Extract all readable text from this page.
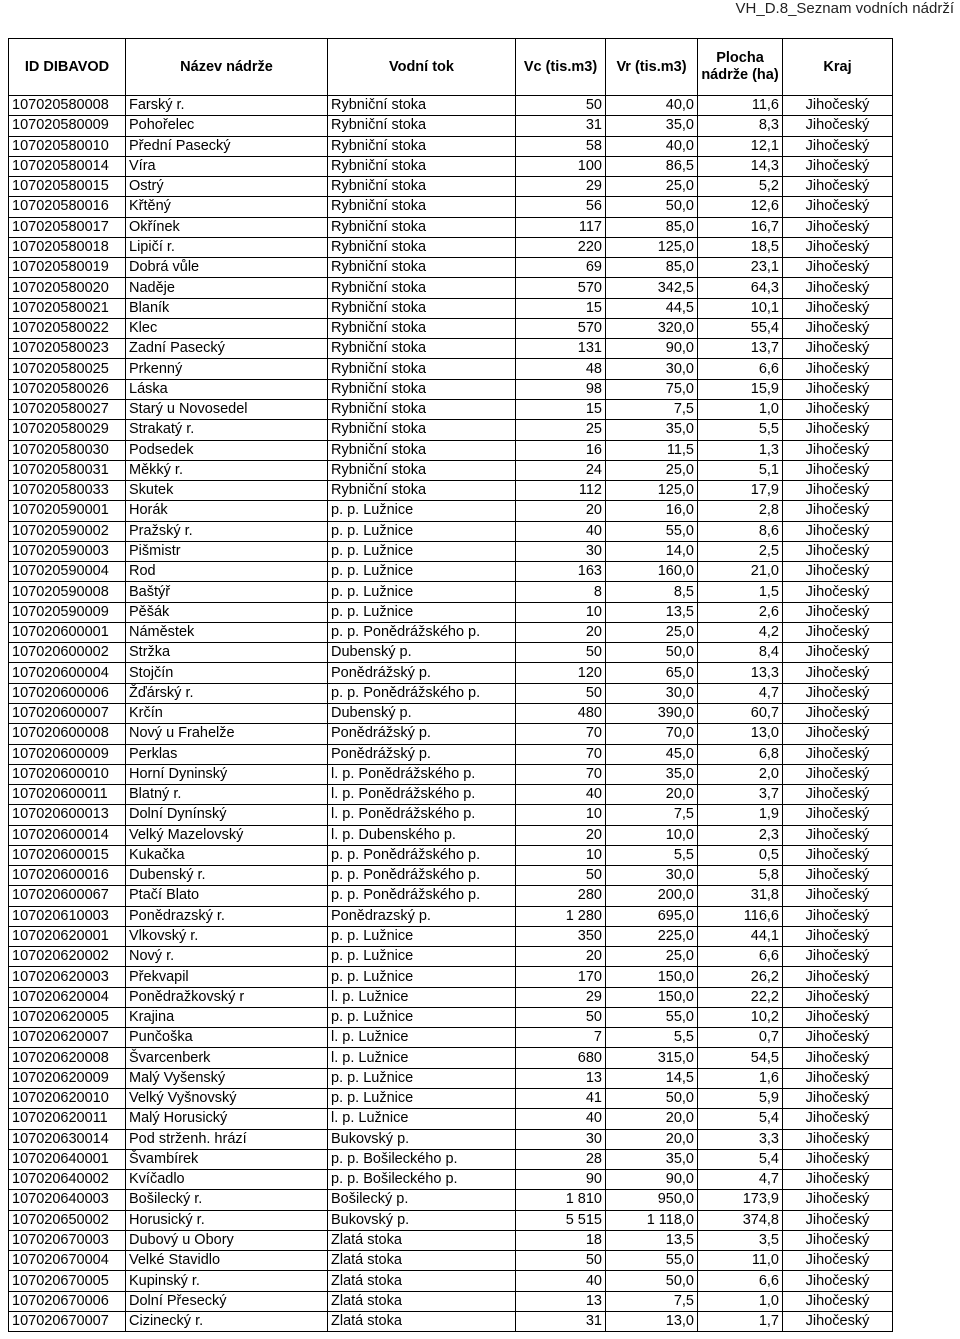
VH_D.8_Seznam vodních nádrží
ID DIBAVOD	Název nádrže	Vodní tok	Vc (tis.m3)	Vr (tis.m3)	Plocha nádrže (ha)	Kraj
107020580008	Farský r.	Rybniční stoka	50	40,0	11,6	Jihočeský
107020580009	Pohořelec	Rybniční stoka	31	35,0	8,3	Jihočeský
107020580010	Přední Pasecký	Rybniční stoka	58	40,0	12,1	Jihočeský
107020580014	Víra	Rybniční stoka	100	86,5	14,3	Jihočeský
107020580015	Ostrý	Rybniční stoka	29	25,0	5,2	Jihočeský
107020580016	Křtěný	Rybniční stoka	56	50,0	12,6	Jihočeský
107020580017	Okřínek	Rybniční stoka	117	85,0	16,7	Jihočeský
107020580018	Lipičí r.	Rybniční stoka	220	125,0	18,5	Jihočeský
107020580019	Dobrá vůle	Rybniční stoka	69	85,0	23,1	Jihočeský
107020580020	Naděje	Rybniční stoka	570	342,5	64,3	Jihočeský
107020580021	Blaník	Rybniční stoka	15	44,5	10,1	Jihočeský
107020580022	Klec	Rybniční stoka	570	320,0	55,4	Jihočeský
107020580023	Zadní Pasecký	Rybniční stoka	131	90,0	13,7	Jihočeský
107020580025	Prkenný	Rybniční stoka	48	30,0	6,6	Jihočeský
107020580026	Láska	Rybniční stoka	98	75,0	15,9	Jihočeský
107020580027	Starý u Novosedel	Rybniční stoka	15	7,5	1,0	Jihočeský
107020580029	Strakatý r.	Rybniční stoka	25	35,0	5,5	Jihočeský
107020580030	Podsedek	Rybniční stoka	16	11,5	1,3	Jihočeský
107020580031	Měkký r.	Rybniční stoka	24	25,0	5,1	Jihočeský
107020580033	Skutek	Rybniční stoka	112	125,0	17,9	Jihočeský
107020590001	Horák	p. p. Lužnice	20	16,0	2,8	Jihočeský
107020590002	Pražský r.	p. p. Lužnice	40	55,0	8,6	Jihočeský
107020590003	Pišmistr	p. p. Lužnice	30	14,0	2,5	Jihočeský
107020590004	Rod	p. p. Lužnice	163	160,0	21,0	Jihočeský
107020590008	Baštýř	p. p. Lužnice	8	8,5	1,5	Jihočeský
107020590009	Pěšák	p. p. Lužnice	10	13,5	2,6	Jihočeský
107020600001	Náměstek	p. p. Ponědrážského p.	20	25,0	4,2	Jihočeský
107020600002	Stržka	Dubenský p.	50	50,0	8,4	Jihočeský
107020600004	Stojčín	Ponědrážský p.	120	65,0	13,3	Jihočeský
107020600006	Žďárský r.	p. p. Ponědrážského p.	50	30,0	4,7	Jihočeský
107020600007	Krčín	Dubenský p.	480	390,0	60,7	Jihočeský
107020600008	Nový u Frahelže	Ponědrážský p.	70	70,0	13,0	Jihočeský
107020600009	Perklas	Ponědrážský p.	70	45,0	6,8	Jihočeský
107020600010	Horní Dyninský	l. p. Ponědrážského p.	70	35,0	2,0	Jihočeský
107020600011	Blatný r.	l. p. Ponědrážského p.	40	20,0	3,7	Jihočeský
107020600013	Dolní Dynínský	l. p. Ponědrážského p.	10	7,5	1,9	Jihočeský
107020600014	Velký Mazelovský	l. p. Dubenského p.	20	10,0	2,3	Jihočeský
107020600015	Kukačka	p. p. Ponědrážského p.	10	5,5	0,5	Jihočeský
107020600016	Dubenský r.	p. p. Ponědrážského p.	50	30,0	5,8	Jihočeský
107020600067	Ptačí Blato	p. p. Ponědrážského p.	280	200,0	31,8	Jihočeský
107020610003	Ponědrazský r.	Ponědrazský p.	1 280	695,0	116,6	Jihočeský
107020620001	Vlkovský r.	p. p. Lužnice	350	225,0	44,1	Jihočeský
107020620002	Nový r.	p. p. Lužnice	20	25,0	6,6	Jihočeský
107020620003	Překvapil	p. p. Lužnice	170	150,0	26,2	Jihočeský
107020620004	Ponědražkovský r	l. p. Lužnice	29	150,0	22,2	Jihočeský
107020620005	Krajina	p. p. Lužnice	50	55,0	10,2	Jihočeský
107020620007	Punčoška	l. p. Lužnice	7	5,5	0,7	Jihočeský
107020620008	Švarcenberk	l. p. Lužnice	680	315,0	54,5	Jihočeský
107020620009	Malý Vyšenský	p. p. Lužnice	13	14,5	1,6	Jihočeský
107020620010	Velký Vyšnovský	p. p. Lužnice	41	50,0	5,9	Jihočeský
107020620011	Malý Horusický	l. p. Lužnice	40	20,0	5,4	Jihočeský
107020630014	Pod strženh. hrází	Bukovský p.	30	20,0	3,3	Jihočeský
107020640001	Švambírek	p. p. Bošileckého p.	28	35,0	5,4	Jihočeský
107020640002	Kvíčadlo	p. p. Bošileckého p.	90	90,0	4,7	Jihočeský
107020640003	Bošilecký r.	Bošilecký p.	1 810	950,0	173,9	Jihočeský
107020650002	Horusický r.	Bukovský p.	5 515	1 118,0	374,8	Jihočeský
107020670003	Dubový u Obory	Zlatá stoka	18	13,5	3,5	Jihočeský
107020670004	Velké Stavidlo	Zlatá stoka	50	55,0	11,0	Jihočeský
107020670005	Kupinský r.	Zlatá stoka	40	50,0	6,6	Jihočeský
107020670006	Dolní Přesecký	Zlatá stoka	13	7,5	1,0	Jihočeský
107020670007	Cizinecký r.	Zlatá stoka	31	13,0	1,7	Jihočeský
